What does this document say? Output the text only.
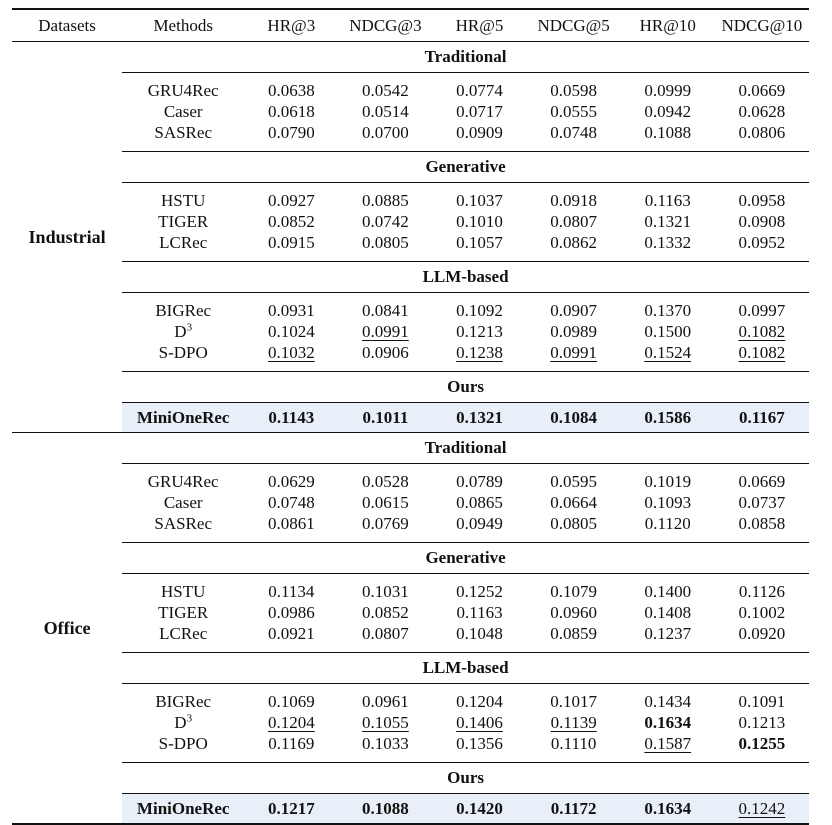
Datasets	Methods	HR@3	NDCG@3	HR@5	NDCG@5	HR@10	NDCG@10
Industrial	Traditional						
	GRU4Rec	0.0638	0.0542	0.0774	0.0598	0.0999	0.0669
	Caser	0.0618	0.0514	0.0717	0.0555	0.0942	0.0628
	SASRec	0.0790	0.0700	0.0909	0.0748	0.1088	0.0806
	Generative						
	HSTU	0.0927	0.0885	0.1037	0.0918	0.1163	0.0958
	TIGER	0.0852	0.0742	0.1010	0.0807	0.1321	0.0908
	LCRec	0.0915	0.0805	0.1057	0.0862	0.1332	0.0952
	LLM-based						
	BIGRec	0.0931	0.0841	0.1092	0.0907	0.1370	0.0997
	$D^3$	0.1024	0.0991	0.1213	0.0989	0.1500	0.1082
	S-DPO	0.1032	0.0906	0.1238	0.0991	0.1524	0.1082
	Ours						
	MiniOneRec	0.1143	0.1011	0.1321	0.1084	0.1586	0.1167
Office	Traditional						
	GRU4Rec	0.0629	0.0528	0.0789	0.0595	0.1019	0.0669
	Caser	0.0748	0.0615	0.0865	0.0664	0.1093	0.0737
	SASRec	0.0861	0.0769	0.0949	0.0805	0.1120	0.0858
	Generative						
	HSTU	0.1134	0.1031	0.1252	0.1079	0.1400	0.1126
	TIGER	0.0986	0.0852	0.1163	0.0960	0.1408	0.1002
	LCRec	0.0921	0.0807	0.1048	0.0859	0.1237	0.0920
	LLM-based						
	BIGRec	0.1069	0.0961	0.1204	0.1017	0.1434	0.1091
	$D^3$	0.1204	0.1055	0.1406	0.1139	0.1634	0.1213
	S-DPO	0.1169	0.1033	0.1356	0.1110	0.1587	0.1255
	Ours						
	MiniOneRec	0.1217	0.1088	0.1420	0.1172	0.1634	0.1242
